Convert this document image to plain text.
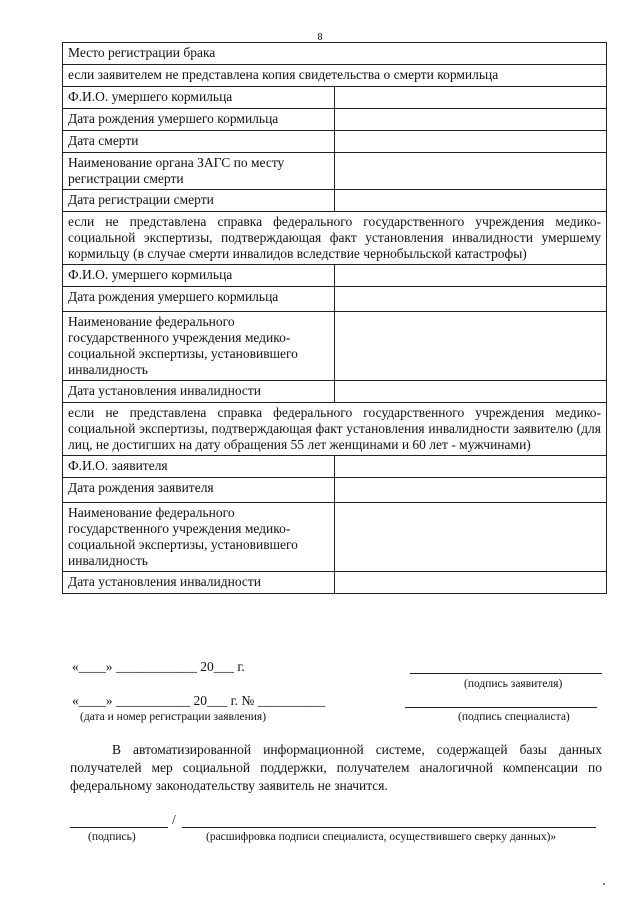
8
Место регистрации брака	
если заявителем не представлена копия свидетельства о смерти кормильца	
Ф.И.О. умершего кормильца	
Дата рождения умершего кормильца	
Дата смерти	
Наименование органа ЗАГС по месту регистрации смерти	
Дата регистрации смерти	
если не представлена справка федерального государственного учреждения медико-социальной экспертизы, подтверждающая факт установления инвалидности умершему кормильцу (в случае смерти инвалидов вследствие чернобыльской катастрофы)	
Ф.И.О. умершего кормильца	
Дата рождения умершего кормильца	
Наименование федерального государственного учреждения медико-социальной экспертизы, установившего инвалидность	
Дата установления инвалидности	
если не представлена справка федерального государственного учреждения медико-социальной экспертизы, подтверждающая факт установления инвалидности заявителю (для лиц, не достигших на дату обращения 55 лет женщинами и 60 лет - мужчинами)	
Ф.И.О. заявителя	
Дата рождения заявителя	
Наименование федерального государственного учреждения медико-социальной экспертизы, установившего инвалидность	
Дата установления инвалидности	
«____» ____________ 20___ г.
(подпись заявителя)
«____» ___________ 20___ г. № __________
(дата и номер регистрации заявления)	(подпись специалиста)
В автоматизированной информационной системе, содержащей базы данных получателей мер социальной поддержки, получателем аналогичной компенсации по федеральному законодательству заявитель не значится.
/
(подпись)	(расшифровка подписи специалиста, осуществившего сверку данных)»
